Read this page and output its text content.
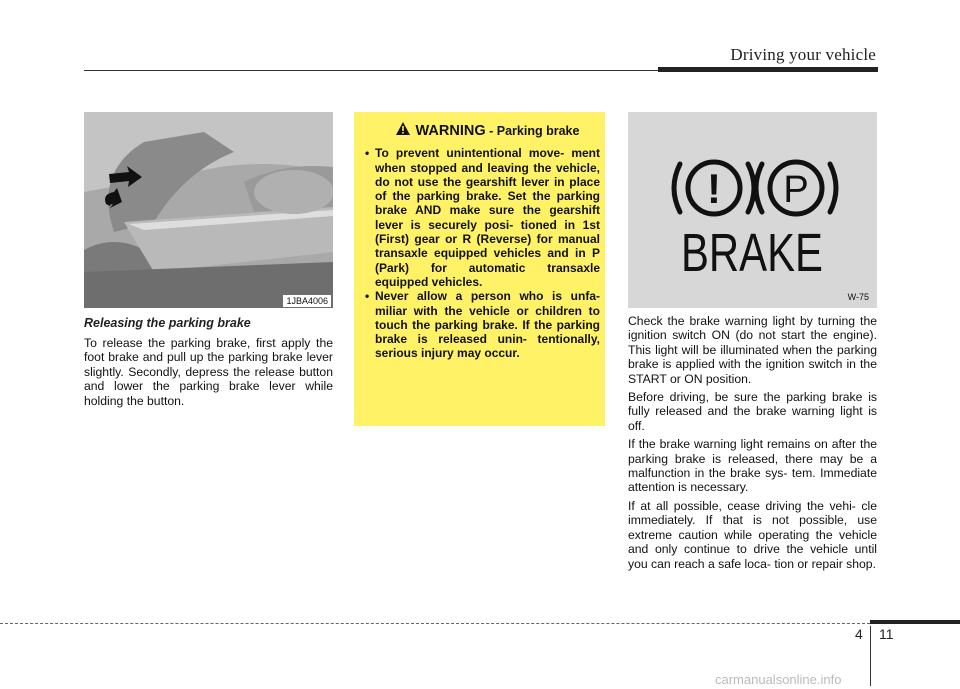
Driving your vehicle
1JBA4006
Releasing the parking brake

To release the parking brake, first apply the foot brake and pull up the parking brake lever slightly. Secondly, depress the release button and lower the parking brake lever while holding the button.

WARNING - Parking brake
• To prevent unintentional move- ment when stopped and leaving the vehicle, do not use the gearshift lever in place of the parking brake. Set the parking brake AND make sure the gearshift lever is securely posi- tioned in 1st (First) gear or R (Reverse) for manual transaxle equipped vehicles and in P (Park) for automatic transaxle equipped vehicles.
• Never allow a person who is unfa- miliar with the vehicle or children to touch the parking brake. If the parking brake is released unin- tentionally, serious injury may occur.
! P
BRAKE
W-75

Check the brake warning light by turning the ignition switch ON (do not start the engine). This light will be illuminated when the parking brake is applied with the ignition switch in the START or ON position.

Before driving, be sure the parking brake is fully released and the brake warning light is off.

If the brake warning light remains on after the parking brake is released, there may be a malfunction in the brake sys- tem. Immediate attention is necessary.

If at all possible, cease driving the vehi- cle immediately. If that is not possible, use extreme caution while operating the vehicle and only continue to drive the vehicle until you can reach a safe loca- tion or repair shop.

4 11
carmanualsonline.info
